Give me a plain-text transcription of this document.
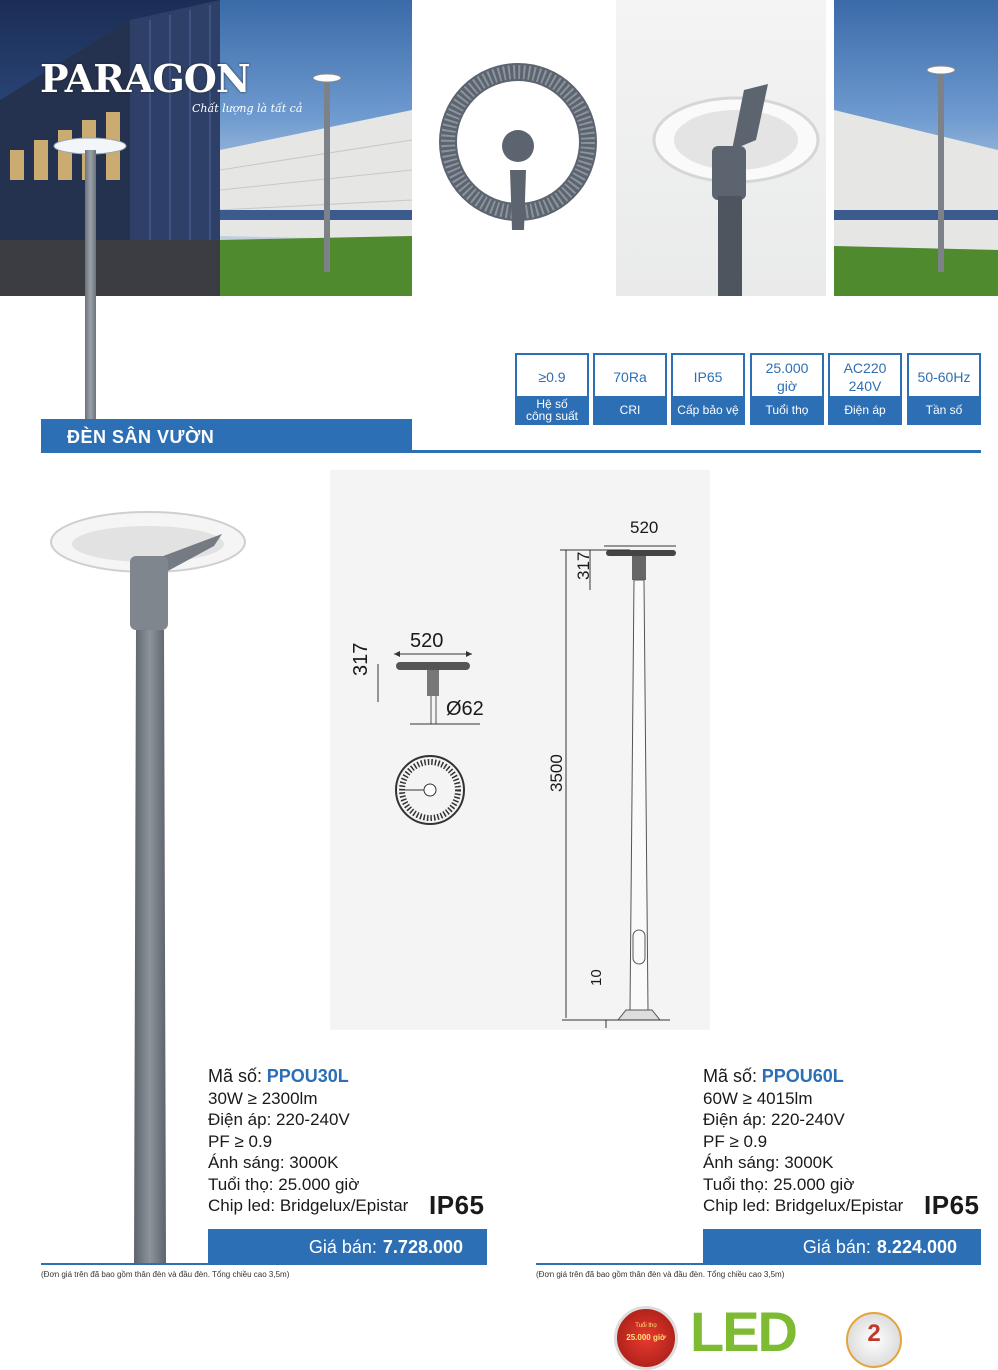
PARAGON
Chất lượng là tất cả
≥0.9
Hệ số
công suất
70Ra
CRI
IP65
Cấp bảo vệ
25.000
giờ
Tuổi thọ
AC220
240V
Điện áp
50-60Hz
Tần số
ĐÈN SÂN VƯỜN
520
317
Ø62
520
317
3500
10
Mã số: PPOU30L
30W ≥ 2300lm
Điện áp: 220-240V
PF ≥ 0.9
Ánh sáng: 3000K
Tuổi thọ: 25.000 giờ
Chip led: Bridgelux/Epistar IP65
Giá bán: 7.728.000
(Đơn giá trên đã bao gồm thân đèn và đầu đèn. Tổng chiều cao 3,5m)
Mã số: PPOU60L
60W ≥ 4015lm
Điện áp: 220-240V
PF ≥ 0.9
Ánh sáng: 3000K
Tuổi thọ: 25.000 giờ
Chip led: Bridgelux/Epistar IP65
Giá bán: 8.224.000
(Đơn giá trên đã bao gồm thân đèn và đầu đèn. Tổng chiều cao 3,5m)
Tuổi thọ
25.000 giờ LED	2
